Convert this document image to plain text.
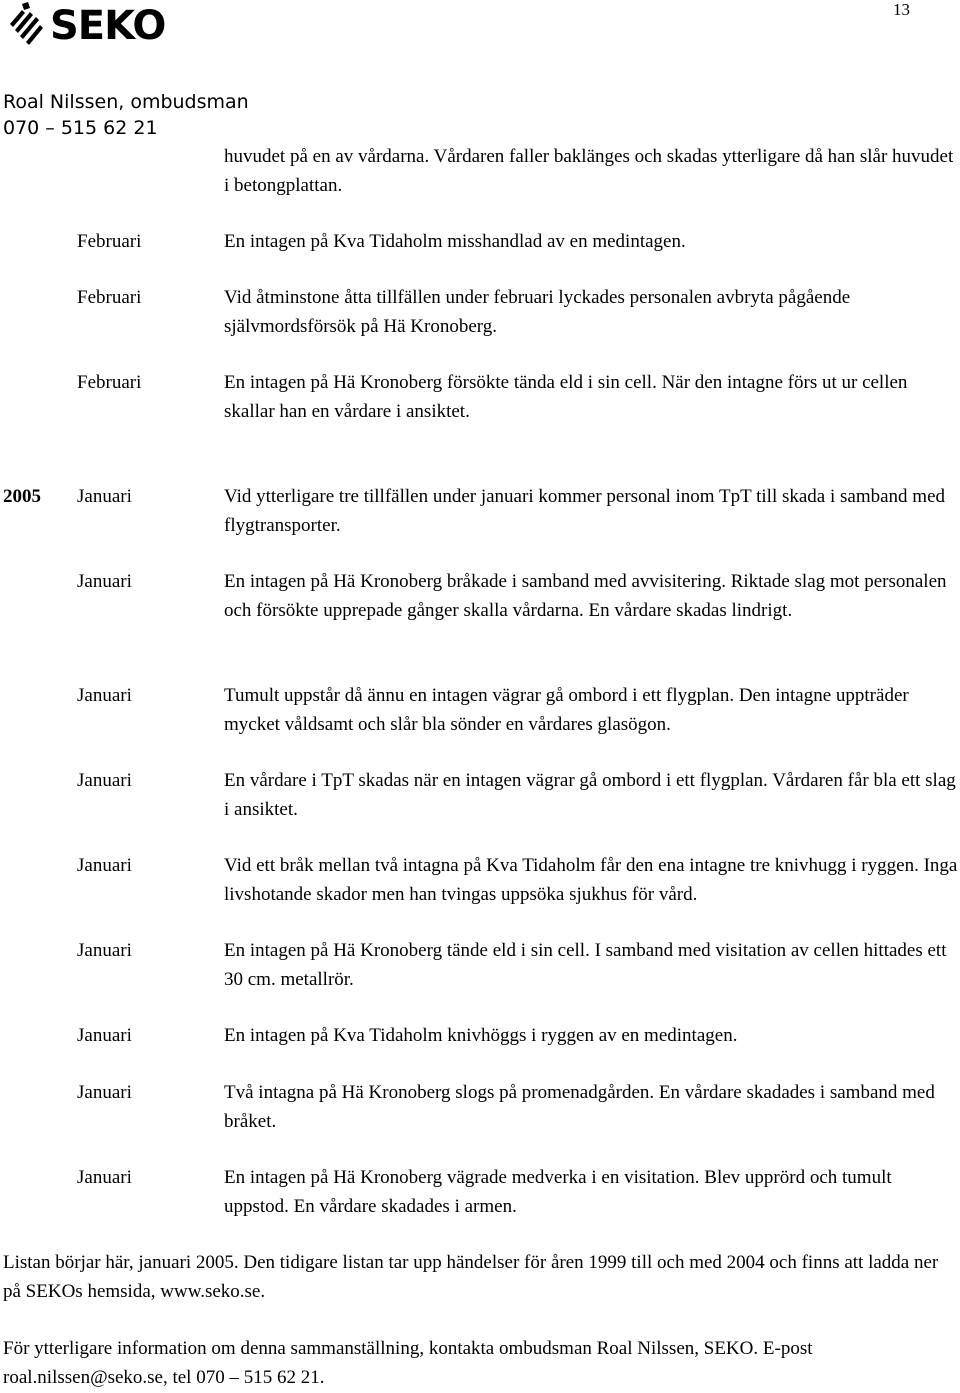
13
SEKO
Roal Nilssen, ombudsman
070 – 515 62 21
huvudet på en av vårdarna. Vårdaren faller baklänges och skadas ytterligare då han slår huvudet i betongplattan.
Februari	En intagen på Kva Tidaholm misshandlad av en medintagen.
Februari	Vid åtminstone åtta tillfällen under februari lyckades personalen avbryta pågående självmordsförsök på Hä Kronoberg.
Februari	En intagen på Hä Kronoberg försökte tända eld i sin cell. När den intagne förs ut ur cellen skallar han en vårdare i ansiktet.
2005 Januari	Vid ytterligare tre tillfällen under januari kommer personal inom TpT till skada i samband med flygtransporter.
Januari	En intagen på Hä Kronoberg bråkade i samband med avvisitering. Riktade slag mot personalen och försökte upprepade gånger skalla vårdarna. En vårdare skadas lindrigt.
Januari	Tumult uppstår då ännu en intagen vägrar gå ombord i ett flygplan. Den intagne uppträder mycket våldsamt och slår bla sönder en vårdares glasögon.
Januari	En vårdare i TpT skadas när en intagen vägrar gå ombord i ett flygplan. Vårdaren får bla ett slag i ansiktet.
Januari	Vid ett bråk mellan två intagna på Kva Tidaholm får den ena intagne tre knivhugg i ryggen. Inga livshotande skador men han tvingas uppsöka sjukhus för vård.
Januari	En intagen på Hä Kronoberg tände eld i sin cell. I samband med visitation av cellen hittades ett 30 cm. metallrör.
Januari	En intagen på Kva Tidaholm knivhöggs i ryggen av en medintagen.
Januari	Två intagna på Hä Kronoberg slogs på promenadgården. En vårdare skadades i samband med bråket.
Januari	En intagen på Hä Kronoberg vägrade medverka i en visitation. Blev upprörd och tumult uppstod. En vårdare skadades i armen.
Listan börjar här, januari 2005. Den tidigare listan tar upp händelser för åren 1999 till och med 2004 och finns att ladda ner på SEKOs hemsida, www.seko.se.
För ytterligare information om denna sammanställning, kontakta ombudsman Roal Nilssen, SEKO. E-post roal.nilssen@seko.se, tel 070 – 515 62 21.
